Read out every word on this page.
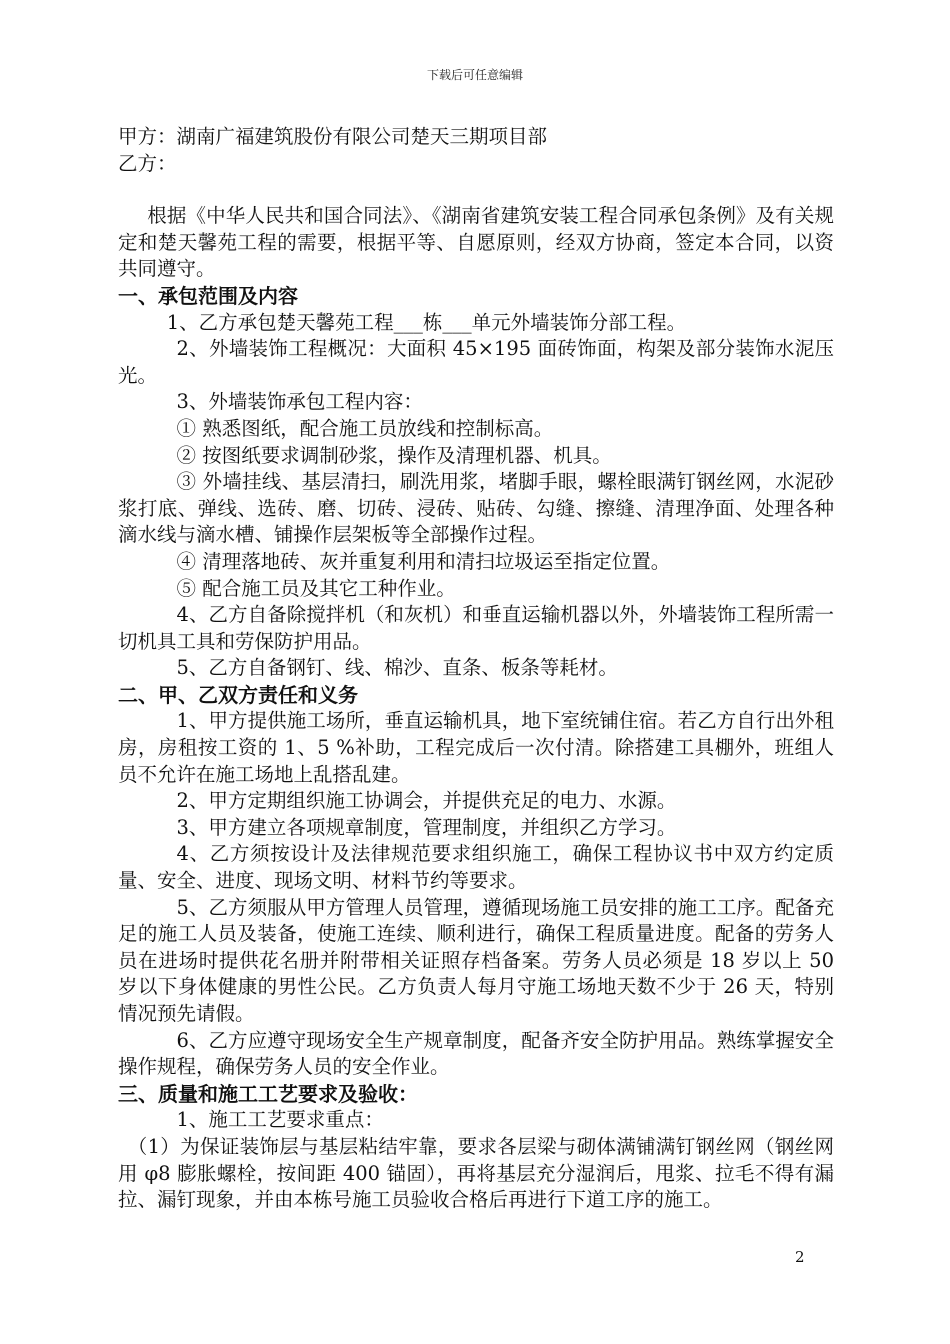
下载后可任意编辑

甲方：湖南广福建筑股份有限公司楚天三期项目部

乙方：

根据《中华人民共和国合同法》、《湖南省建筑安装工程合同承包条例》及有关规定和楚天馨苑工程的需要，根据平等、自愿原则，经双方协商，签定本合同，以资共同遵守。

一、承包范围及内容

1、乙方承包楚天馨苑工程___栋___单元外墙装饰分部工程。

2、外墙装饰工程概况：大面积 45×195 面砖饰面，构架及部分装饰水泥压光。

3、外墙装饰承包工程内容：

① 熟悉图纸，配合施工员放线和控制标高。

② 按图纸要求调制砂浆，操作及清理机器、机具。

③ 外墙挂线、基层清扫，刷洗用浆，堵脚手眼，螺栓眼满钉钢丝网，水泥砂浆打底、弹线、选砖、磨、切砖、浸砖、贴砖、勾缝、擦缝、清理净面、处理各种滴水线与滴水槽、铺操作层架板等全部操作过程。

④ 清理落地砖、灰并重复利用和清扫垃圾运至指定位置。

⑤ 配合施工员及其它工种作业。

4、乙方自备除搅拌机（和灰机）和垂直运输机器以外，外墙装饰工程所需一切机具工具和劳保防护用品。

5、乙方自备钢钉、线、棉沙、直条、板条等耗材。

二、甲、乙双方责任和义务

1、甲方提供施工场所，垂直运输机具，地下室统铺住宿。若乙方自行出外租房，房租按工资的 1、5 %补助，工程完成后一次付清。除搭建工具棚外，班组人员不允许在施工场地上乱搭乱建。

2、甲方定期组织施工协调会，并提供充足的电力、水源。

3、甲方建立各项规章制度，管理制度，并组织乙方学习。

4、乙方须按设计及法律规范要求组织施工，确保工程协议书中双方约定质量、安全、进度、现场文明、材料节约等要求。

5、乙方须服从甲方管理人员管理，遵循现场施工员安排的施工工序。配备充足的施工人员及装备，使施工连续、顺利进行，确保工程质量进度。配备的劳务人员在进场时提供花名册并附带相关证照存档备案。劳务人员必须是 18 岁以上 50 岁以下身体健康的男性公民。乙方负责人每月守施工场地天数不少于 26 天，特别情况预先请假。

6、乙方应遵守现场安全生产规章制度，配备齐安全防护用品。熟练掌握安全操作规程，确保劳务人员的安全作业。

三、质量和施工工艺要求及验收：

1、施工工艺要求重点：

（1）为保证装饰层与基层粘结牢靠，要求各层梁与砌体满铺满钉钢丝网（钢丝网用 φ8 膨胀螺栓，按间距 400 锚固），再将基层充分湿润后，甩浆、拉毛不得有漏拉、漏钉现象，并由本栋号施工员验收合格后再进行下道工序的施工。

2
